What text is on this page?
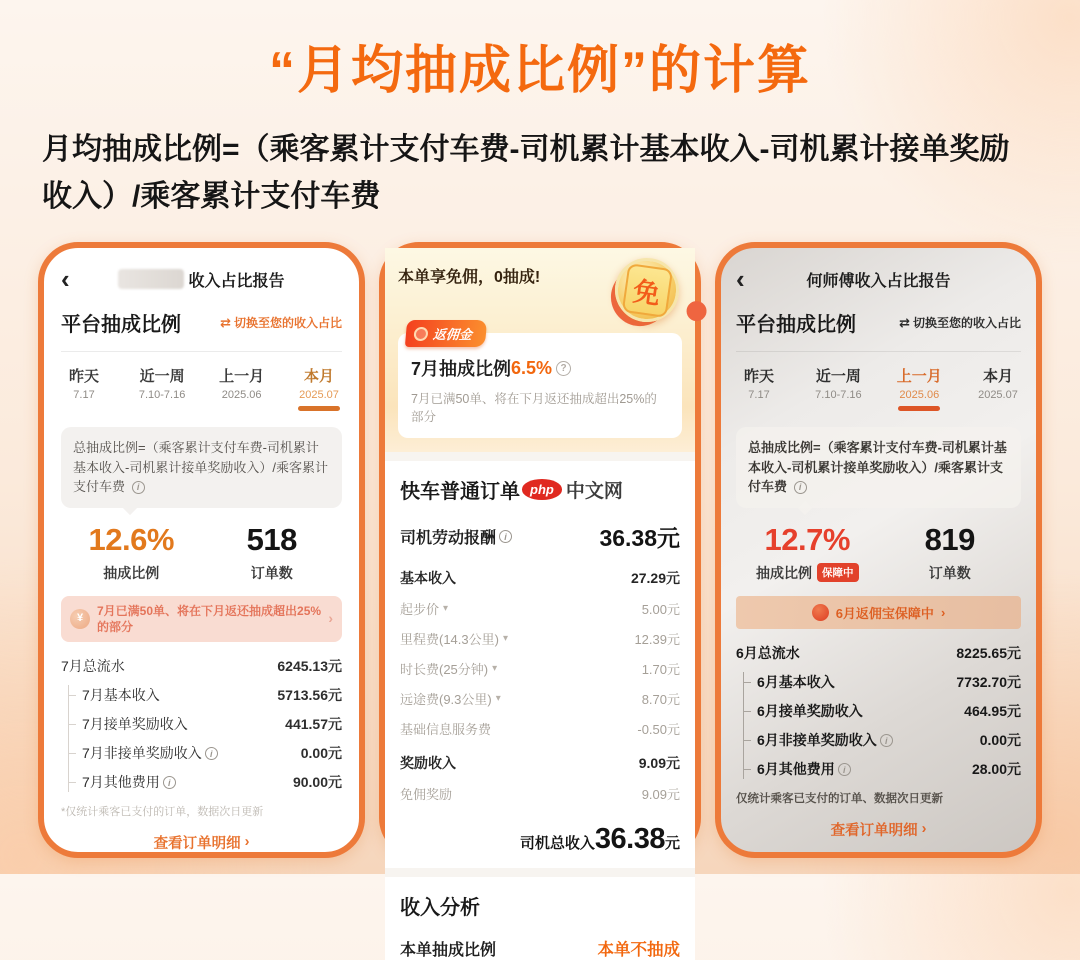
“月均抽成比例”的计算

月均抽成比例=（乘客累计支付车费-司机累计基本收入-司机累计接单奖励收入）/乘客累计支付车费

‹	收入占比报告
平台抽成比例	⇄ 切换至您的收入占比
昨天
7.17
近一周
7.10-7.16
上一月
2025.06
本月
2025.07
总抽成比例=（乘客累计支付车费-司机累计基本收入-司机累计接单奖励收入）/乘客累计支付车费 i
12.6%
抽成比例
518
订单数
¥
7月已满50单、将在下月返还抽成超出25%的部分
›
7月总流水	6245.13元
7月基本收入	5713.56元
7月接单奖励收入	441.57元
7月非接单奖励收入 i	0.00元
7月其他费用 i	90.00元
*仅统计乘客已支付的订单，数据次日更新
查看订单明细 ›
本单享免佣，0抽成!	免
返佣金
7月抽成比例 6.5% ?
7月已满50单、将在下月返还抽成超出25%的部分
快车普通订单 php 中文网
司机劳动报酬 i	36.38元
基本收入	27.29元
起步价 ▾	5.00元
里程费(14.3公里) ▾	12.39元
时长费(25分钟) ▾	1.70元
远途费(9.3公里) ▾	8.70元
基础信息服务费	-0.50元
奖励收入	9.09元
免佣奖励	9.09元
司机总收入 36.38 元
收入分析
本单抽成比例	本单不抽成
‹	何师傅收入占比报告
平台抽成比例	⇄ 切换至您的收入占比
昨天
7.17
近一周
7.10-7.16
上一月
2025.06
本月
2025.07
总抽成比例=（乘客累计支付车费-司机累计基本收入-司机累计接单奖励收入）/乘客累计支付车费 i
12.7%
抽成比例 保障中
819
订单数
6月返佣宝保障中 ›
6月总流水	8225.65元
6月基本收入	7732.70元
6月接单奖励收入	464.95元
6月非接单奖励收入 i	0.00元
6月其他费用 i	28.00元
仅统计乘客已支付的订单、数据次日更新
查看订单明细 ›
